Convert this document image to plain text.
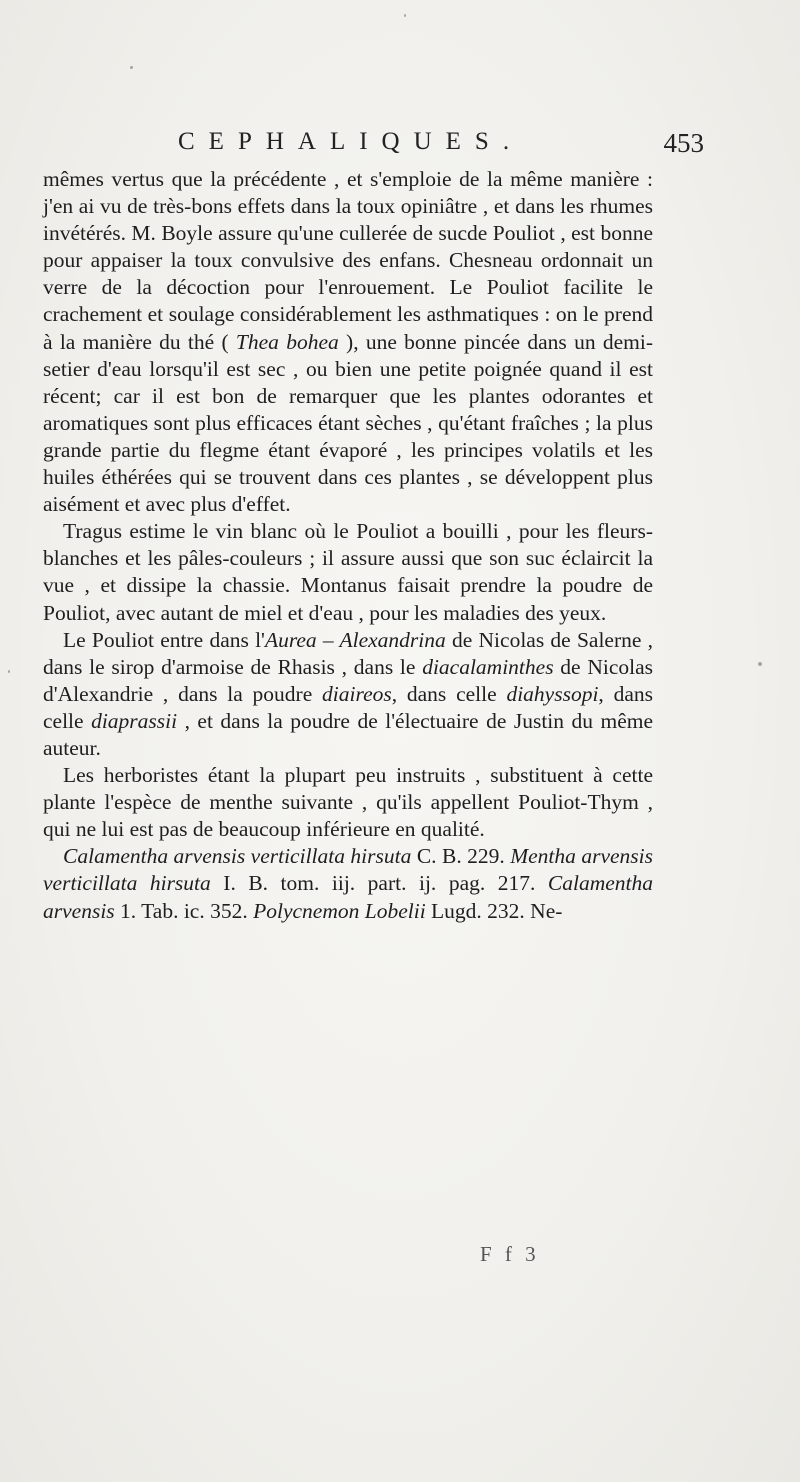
CEPHALIQUES.	453

mêmes vertus que la précédente , et s'emploie de la même manière : j'en ai vu de très-bons effets dans la toux opiniâtre , et dans les rhumes invétérés. M. Boyle assure qu'une cullerée de sucde Pouliot , est bonne pour appaiser la toux convulsive des enfans. Chesneau ordonnait un verre de la décoction pour l'enrouement. Le Pouliot facilite le crachement et soulage considérablement les asthmatiques : on le prend à la manière du thé ( Thea bohea ), une bonne pincée dans un demi-setier d'eau lorsqu'il est sec , ou bien une petite poignée quand il est récent; car il est bon de remarquer que les plantes odorantes et aromatiques sont plus efficaces étant sèches , qu'étant fraîches ; la plus grande partie du flegme étant évaporé , les principes volatils et les huiles éthérées qui se trouvent dans ces plantes , se développent plus aisément et avec plus d'effet.

Tragus estime le vin blanc où le Pouliot a bouilli , pour les fleurs-blanches et les pâles-couleurs ; il assure aussi que son suc éclaircit la vue , et dissipe la chassie. Montanus faisait prendre la poudre de Pouliot, avec autant de miel et d'eau , pour les maladies des yeux.

Le Pouliot entre dans l'Aurea – Alexandrina de Nicolas de Salerne , dans le sirop d'armoise de Rhasis , dans le diacalaminthes de Nicolas d'Alexandrie , dans la poudre diaireos, dans celle diahyssopi, dans celle diaprassii , et dans la poudre de l'électuaire de Justin du même auteur.

Les herboristes étant la plupart peu instruits , substituent à cette plante l'espèce de menthe suivante , qu'ils appellent Pouliot-Thym , qui ne lui est pas de beaucoup inférieure en qualité.

Calamentha arvensis verticillata hirsuta C. B. 229. Mentha arvensis verticillata hirsuta I. B. tom. iij. part. ij. pag. 217. Calamentha arvensis 1. Tab. ic. 352. Polycnemon Lobelii Lugd. 232. Ne-

F f 3
